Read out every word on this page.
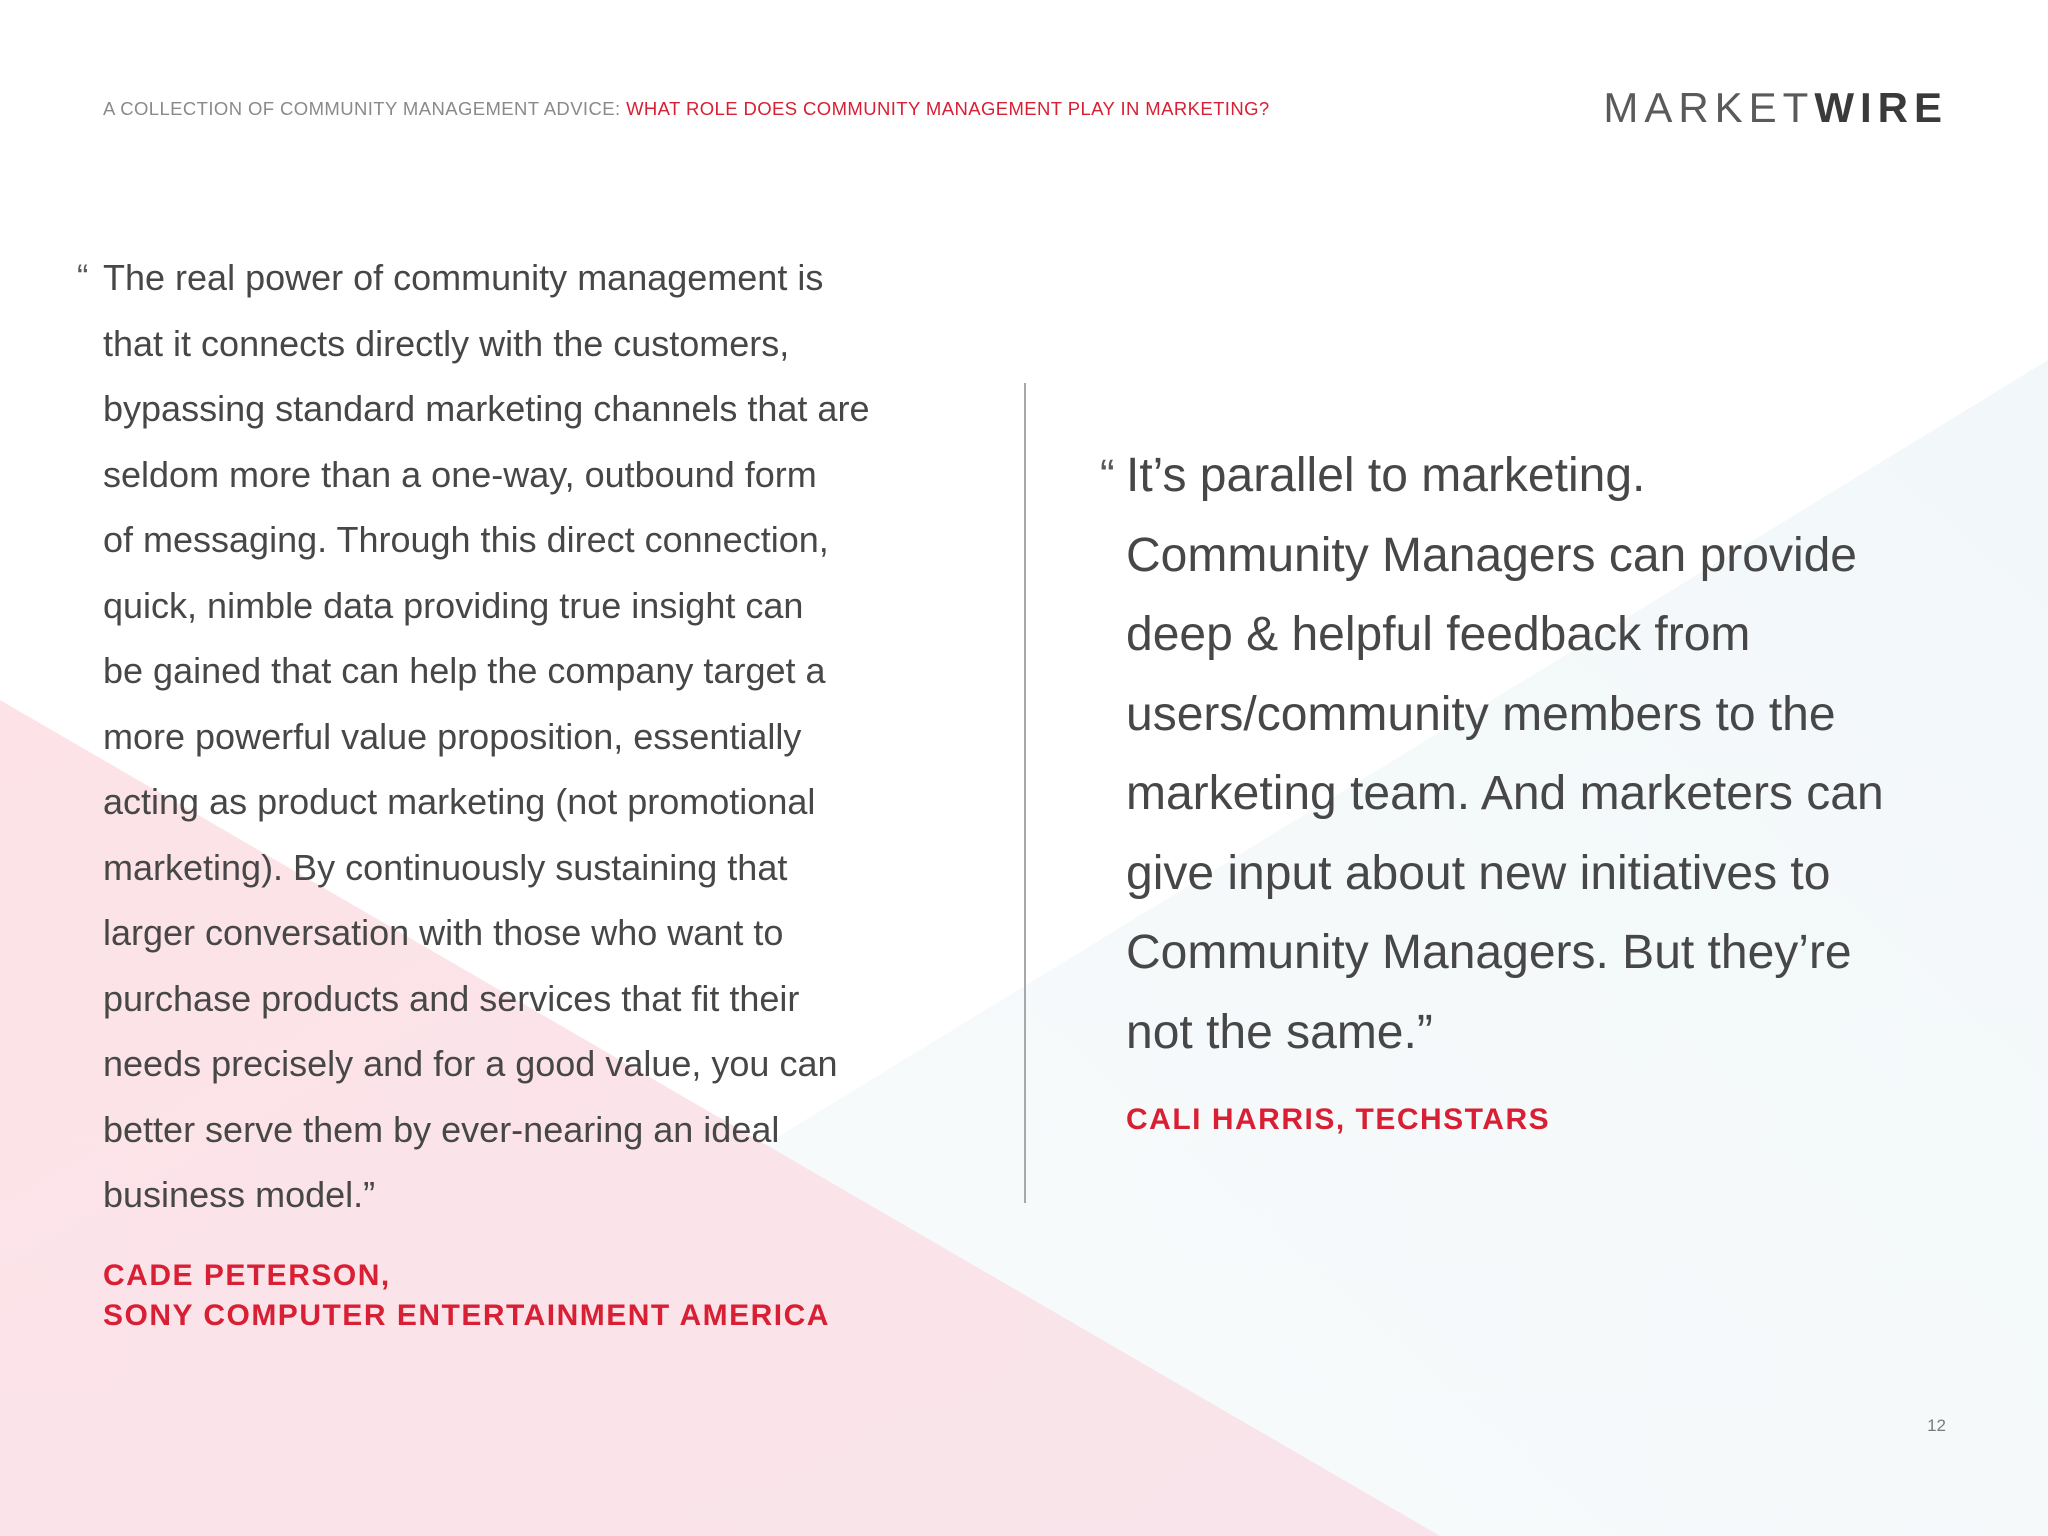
A COLLECTION OF COMMUNITY MANAGEMENT ADVICE: WHAT ROLE DOES COMMUNITY MANAGEMENT PLAY IN MARKETING?	MARKETWIRE
“ The real power of community management is
that it connects directly with the customers,
bypassing standard marketing channels that are
seldom more than a one-way, outbound form
of messaging. Through this direct connection,
quick, nimble data providing true insight can
be gained that can help the company target a
more powerful value proposition, essentially
acting as product marketing (not promotional
marketing). By continuously sustaining that
larger conversation with those who want to
purchase products and services that fit their
needs precisely and for a good value, you can
better serve them by ever-nearing an ideal
business model.”
CADE PETERSON,
SONY COMPUTER ENTERTAINMENT AMERICA
“ It’s parallel to marketing.
Community Managers can provide
deep & helpful feedback from
users/community members to the
marketing team. And marketers can
give input about new initiatives to
Community Managers. But they’re
not the same.”
CALI HARRIS, TECHSTARS
12
